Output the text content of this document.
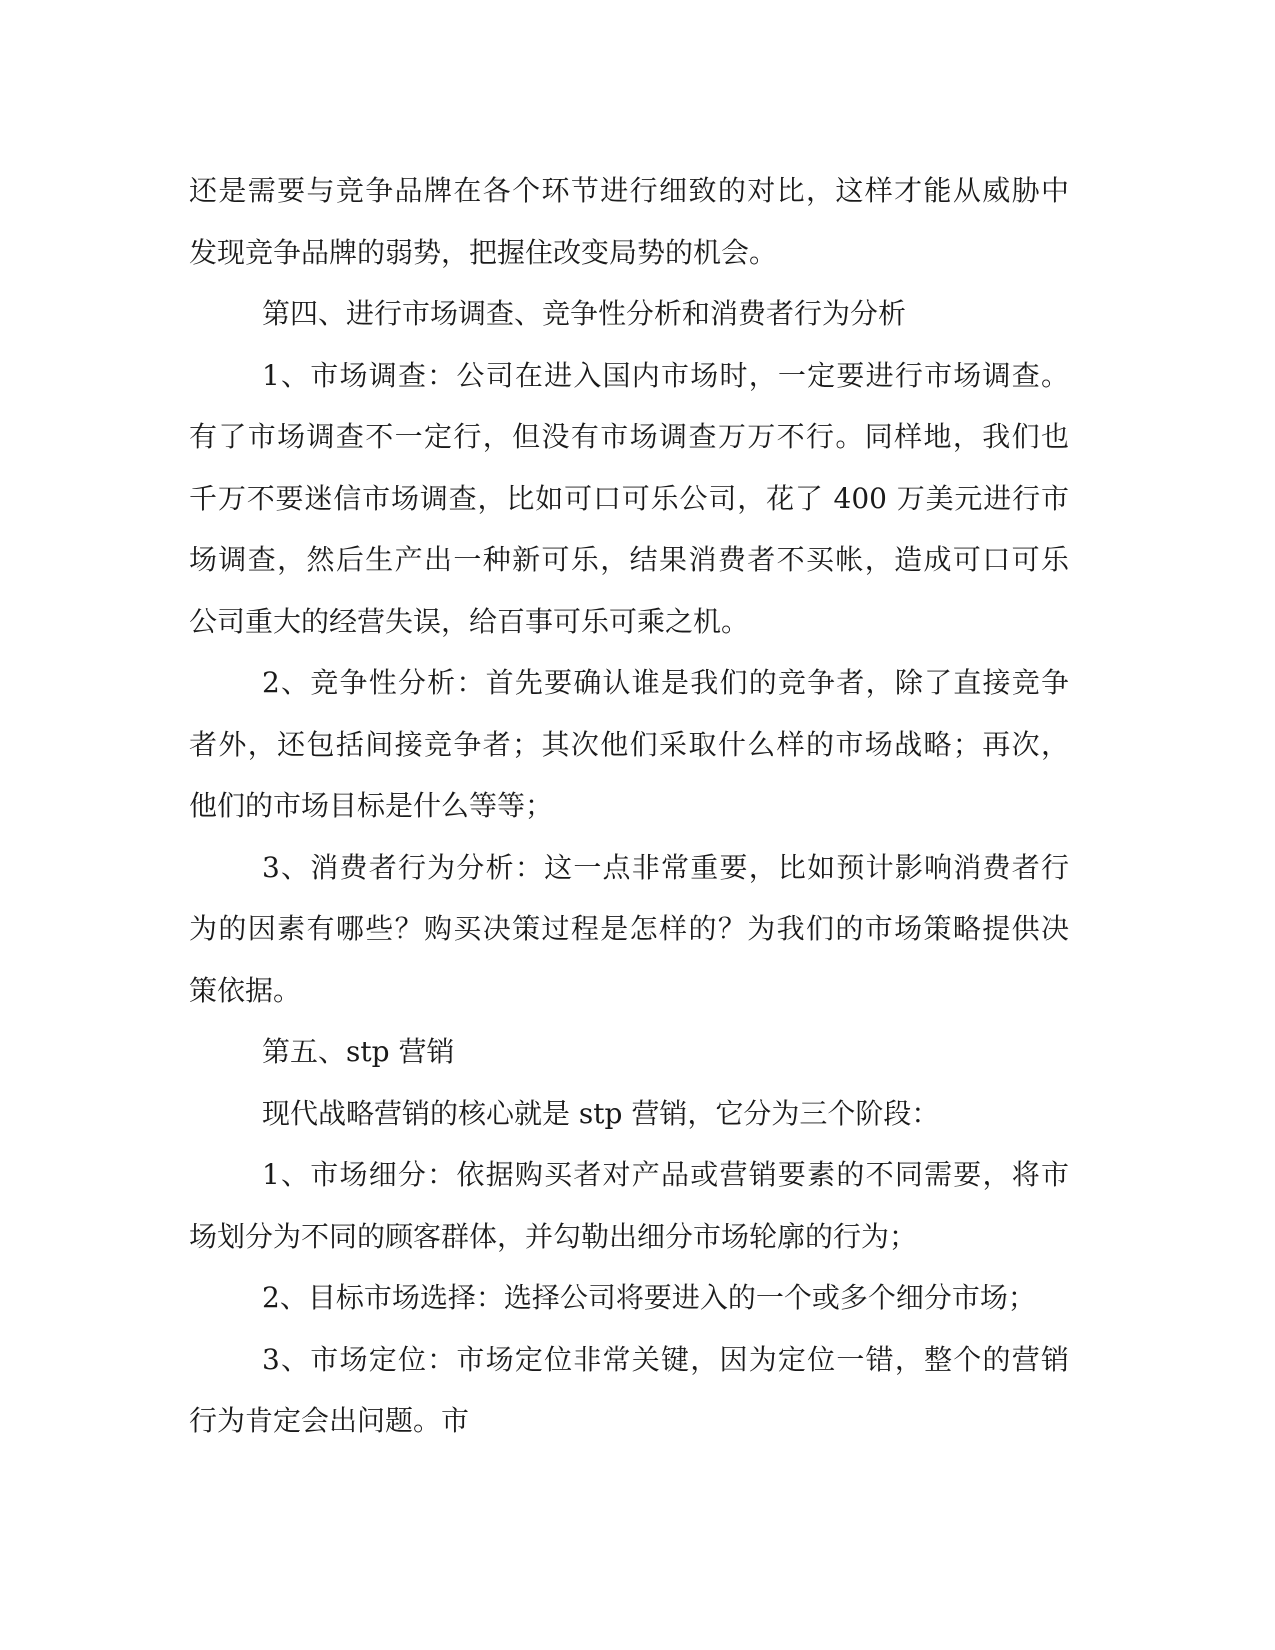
还是需要与竞争品牌在各个环节进行细致的对比，这样才能从威胁中
发现竞争品牌的弱势，把握住改变局势的机会。
第四、进行市场调查、竞争性分析和消费者行为分析
1、市场调查：公司在进入国内市场时，一定要进行市场调查。
有了市场调查不一定行，但没有市场调查万万不行。同样地，我们也
千万不要迷信市场调查，比如可口可乐公司，花了 400 万美元进行市
场调查，然后生产出一种新可乐，结果消费者不买帐，造成可口可乐
公司重大的经营失误，给百事可乐可乘之机。
2、竞争性分析：首先要确认谁是我们的竞争者，除了直接竞争
者外，还包括间接竞争者；其次他们采取什么样的市场战略；再次，
他们的市场目标是什么等等；
3、消费者行为分析：这一点非常重要，比如预计影响消费者行
为的因素有哪些？购买决策过程是怎样的？为我们的市场策略提供决
策依据。
第五、stp 营销
现代战略营销的核心就是 stp 营销，它分为三个阶段：
1、市场细分：依据购买者对产品或营销要素的不同需要，将市
场划分为不同的顾客群体，并勾勒出细分市场轮廓的行为；
2、目标市场选择：选择公司将要进入的一个或多个细分市场；
3、市场定位：市场定位非常关键，因为定位一错，整个的营销
行为肯定会出问题。市
